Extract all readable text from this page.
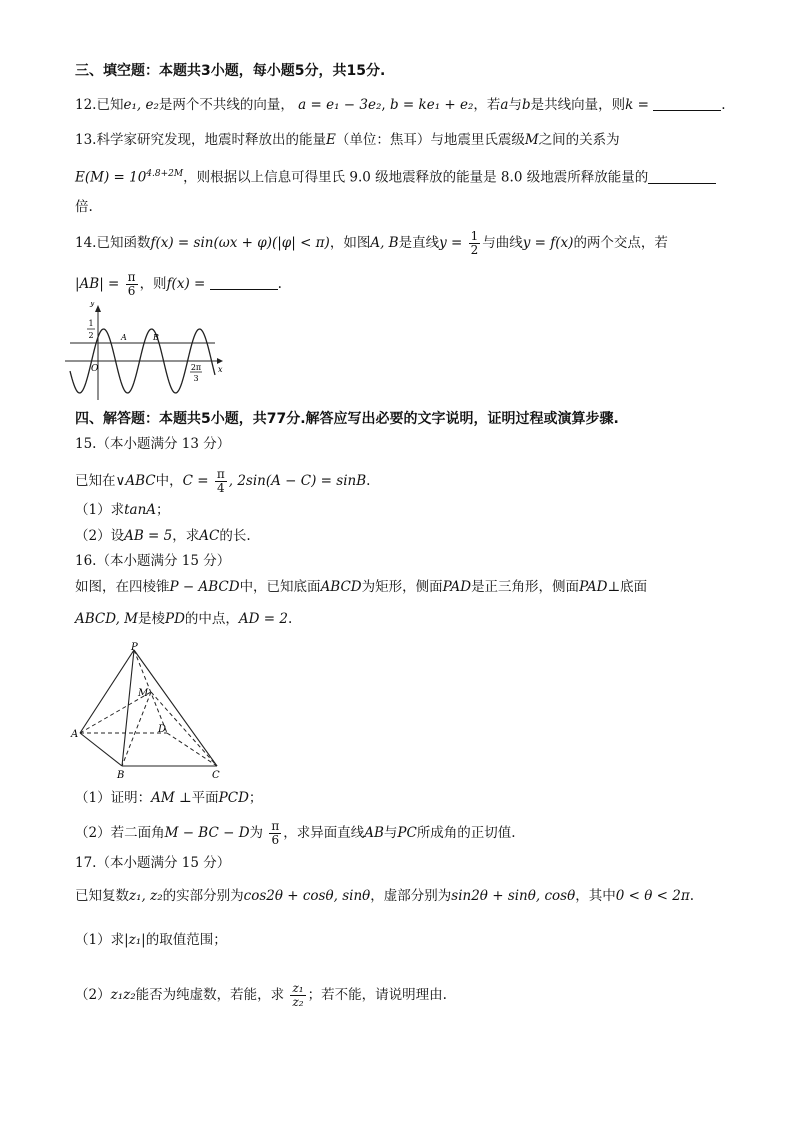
三、填空题：本题共3小题，每小题5分，共15分.
12.已知e₁, e₂是两个不共线的向量， a = e₁ − 3e₂, b = ke₁ + e₂，若a与b是共线向量，则k =	.
13.科学家研究发现，地震时释放出的能量E（单位：焦耳）与地震里氏震级M之间的关系为
$E(M) = 10^{4.8+2M}$，则根据以上信息可得里氏 9.0 级地震释放的能量是 8.0 级地震所释放能量的
倍.
14.已知函数f(x) = sin(ωx + φ)(|φ| < π)，如图A, B是直线$y = \frac{1}{2}$ 与曲线y = f(x)的两个交点，若
$|AB| = \frac{\pi}{6}$ ，则f(x) =	.
y
x
O
1
2	A	B
2π
3
四、解答题：本题共5小题，共77分.解答应写出必要的文字说明，证明过程或演算步骤.
15.（本小题满分 13 分）
已知在∨ABC中，$C = \frac{\pi}{4}$ , 2sin(A − C) = sinB.
（1）求tanA；
（2）设AB = 5，求AC的长.
16.（本小题满分 15 分）
如图，在四棱锥P − ABCD中，已知底面ABCD为矩形，侧面PAD是正三角形，侧面PAD⊥底面
ABCD, M是棱PD的中点，AD = 2.
P
M
A	D
B	C
（1）证明：AM ⊥平面PCD；
（2）若二面角M − BC − D为 $\frac{\pi}{6}$ ，求异面直线AB与PC所成角的正切值.
17.（本小题满分 15 分）
已知复数z₁, z₂的实部分别为cos2θ + cosθ, sinθ，虚部分别为sin2θ + sinθ, cosθ，其中0 < θ < 2π.
（1）求|z₁|的取值范围；
（2）z₁z₂能否为纯虚数，若能，求 $\frac{\text{z₁}}{\text{z₂}}$ ；若不能，请说明理由.
